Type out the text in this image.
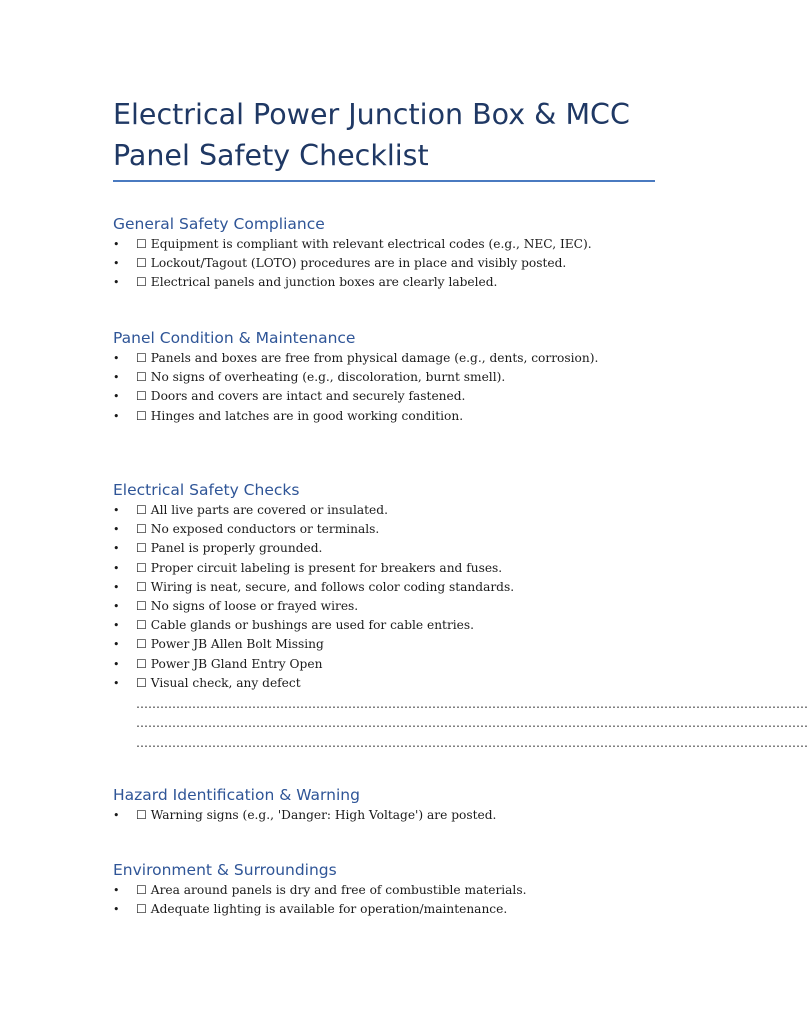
Electrical Power Junction Box & MCC
Panel Safety Checklist
General Safety Compliance
• ☐ Equipment is compliant with relevant electrical codes (e.g., NEC, IEC).
• ☐ Lockout/Tagout (LOTO) procedures are in place and visibly posted.
• ☐ Electrical panels and junction boxes are clearly labeled.
Panel Condition & Maintenance
• ☐ Panels and boxes are free from physical damage (e.g., dents, corrosion).
• ☐ No signs of overheating (e.g., discoloration, burnt smell).
• ☐ Doors and covers are intact and securely fastened.
• ☐ Hinges and latches are in good working condition.
Electrical Safety Checks
• ☐ All live parts are covered or insulated.
• ☐ No exposed conductors or terminals.
• ☐ Panel is properly grounded.
• ☐ Proper circuit labeling is present for breakers and fuses.
• ☐ Wiring is neat, secure, and follows color coding standards.
• ☐ No signs of loose or frayed wires.
• ☐ Cable glands or bushings are used for cable entries.
• ☐ Power JB Allen Bolt Missing
• ☐ Power JB Gland Entry Open
• ☐ Visual check, any defect
……………………………………………………………………………………………………………………………………………………
……………………………………………………………………………………………………………………………………………………
……………………………………………………………………………………………………………………………………………………
Hazard Identification & Warning
• ☐ Warning signs (e.g., 'Danger: High Voltage') are posted.
Environment & Surroundings
• ☐ Area around panels is dry and free of combustible materials.
• ☐ Adequate lighting is available for operation/maintenance.
